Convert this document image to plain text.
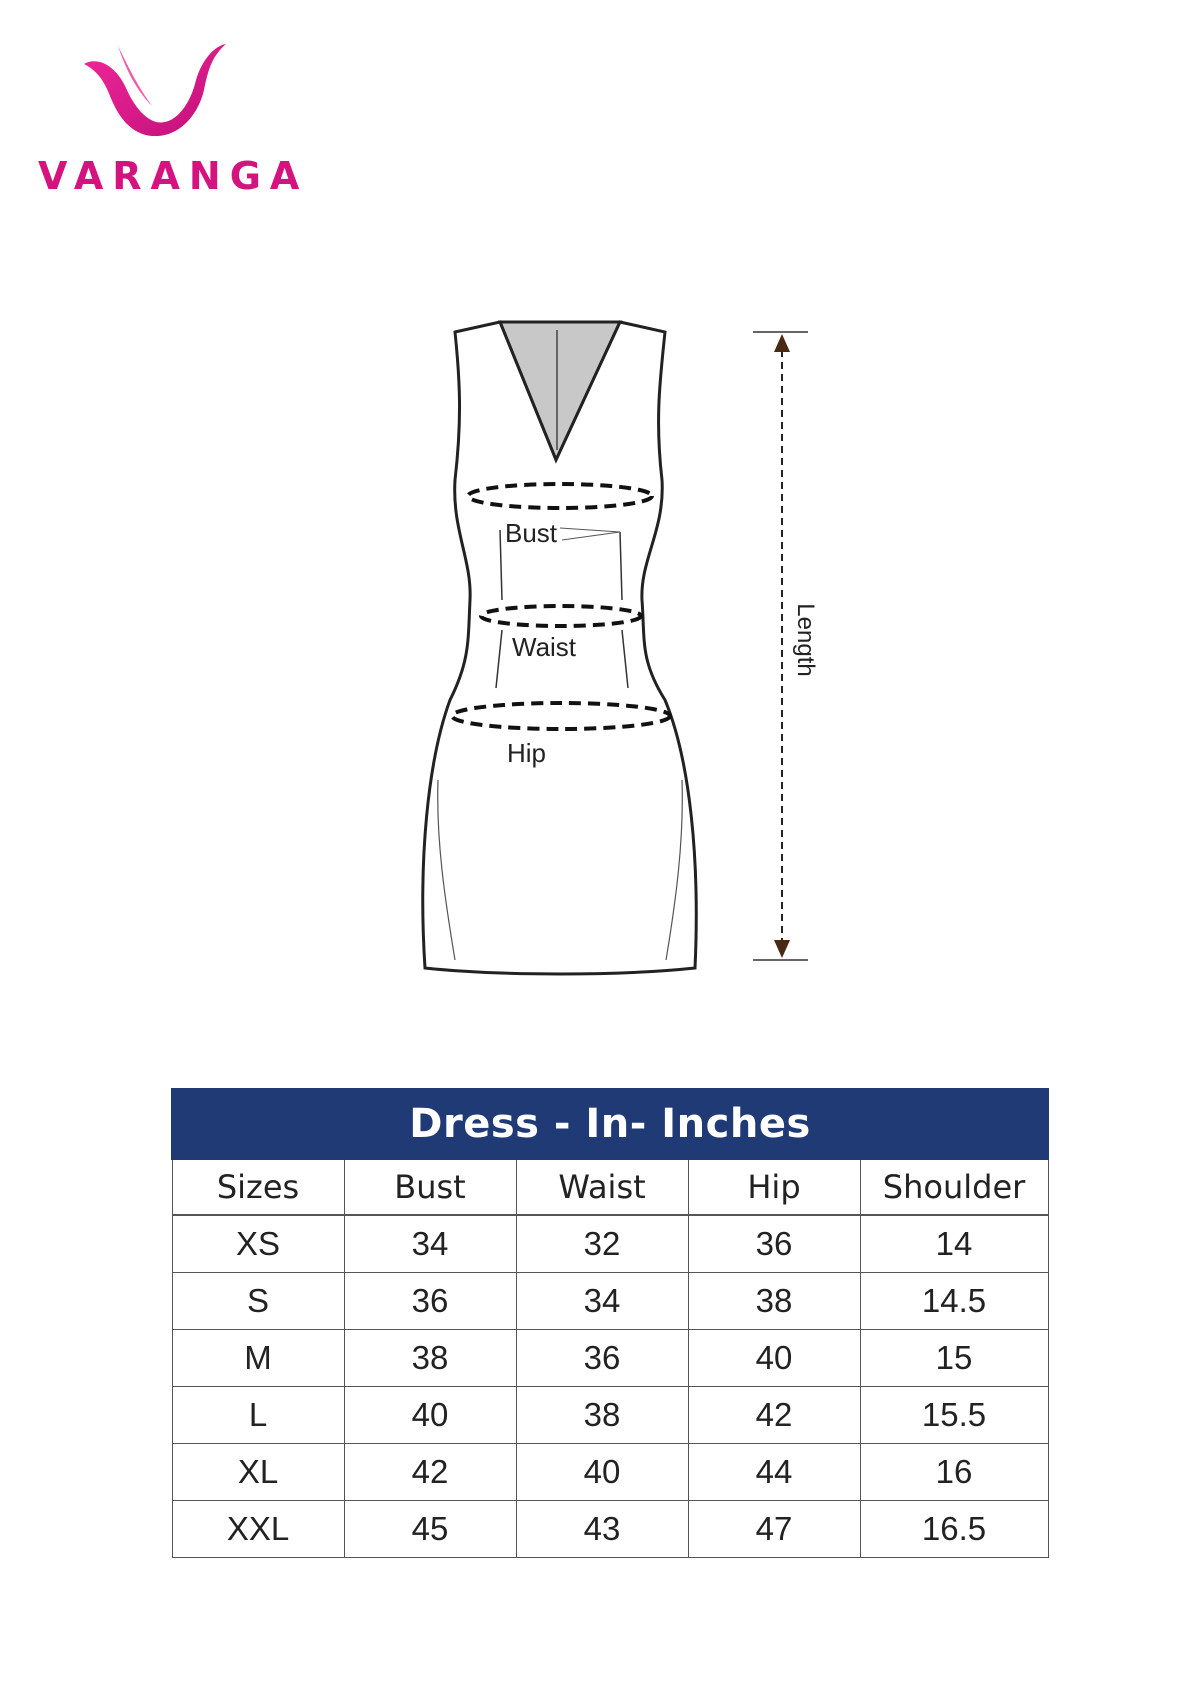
VARANGA
Bust
Waist
Hip
Length
Dress - In- Inches				
Sizes	Bust	Waist	Hip	Shoulder
XS	34	32	36	14
S	36	34	38	14.5
M	38	36	40	15
L	40	38	42	15.5
XL	42	40	44	16
XXL	45	43	47	16.5
